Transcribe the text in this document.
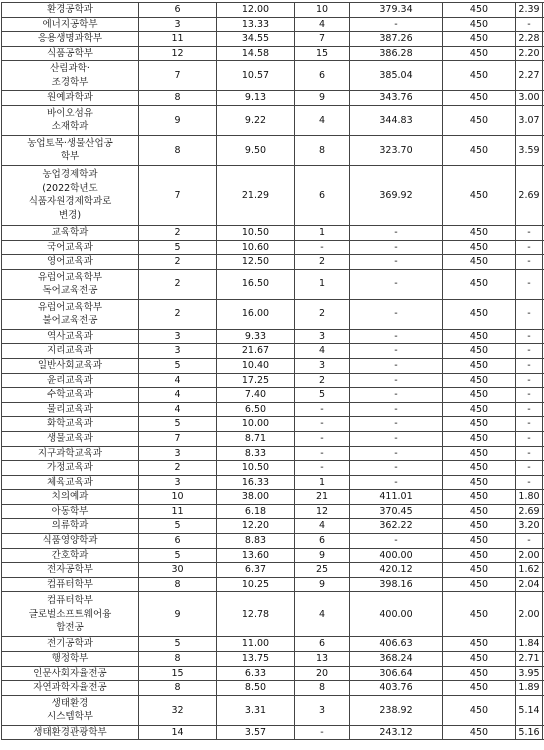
환경공학과	6	12.00	10	379.34	450	2.39
에너지공학부	3	13.33	4	-	450	-
응용생명과학부	11	34.55	7	387.26	450	2.28
식품공학부	12	14.58	15	386.28	450	2.20
산림과학·
조경학부	7	10.57	6	385.04	450	2.27
원예과학과	8	9.13	9	343.76	450	3.00
바이오섬유
소재학과	9	9.22	4	344.83	450	3.07
농업토목·생물산업공
학부	8	9.50	8	323.70	450	3.59
농업경제학과
(2022학년도
식품자원경제학과로
변경)	7	21.29	6	369.92	450	2.69
교육학과	2	10.50	1	-	450	-
국어교육과	5	10.60	-	-	450	-
영어교육과	2	12.50	2	-	450	-
유럽어교육학부
독어교육전공	2	16.50	1	-	450	-
유럽어교육학부
불어교육전공	2	16.00	2	-	450	-
역사교육과	3	9.33	3	-	450	-
지리교육과	3	21.67	4	-	450	-
일반사회교육과	5	10.40	3	-	450	-
윤리교육과	4	17.25	2	-	450	-
수학교육과	4	7.40	5	-	450	-
물리교육과	4	6.50	-	-	450	-
화학교육과	5	10.00	-	-	450	-
생물교육과	7	8.71	-	-	450	-
지구과학교육과	3	8.33	-	-	450	-
가정교육과	2	10.50	-	-	450	-
체육교육과	3	16.33	1	-	450	-
치의예과	10	38.00	21	411.01	450	1.80
아동학부	11	6.18	12	370.45	450	2.69
의류학과	5	12.20	4	362.22	450	3.20
식품영양학과	6	8.83	6	-	450	-
간호학과	5	13.60	9	400.00	450	2.00
전자공학부	30	6.37	25	420.12	450	1.62
컴퓨터학부	8	10.25	9	398.16	450	2.04
컴퓨터학부
글로벌소프트웨어융
합전공	9	12.78	4	400.00	450	2.00
전기공학과	5	11.00	6	406.63	450	1.84
행정학부	8	13.75	13	368.24	450	2.71
인문사회자율전공	15	6.33	20	306.64	450	3.95
자연과학자율전공	8	8.50	8	403.76	450	1.89
생태환경
시스템학부	32	3.31	3	238.92	450	5.14
생태환경관광학부	14	3.57	-	243.12	450	5.16
